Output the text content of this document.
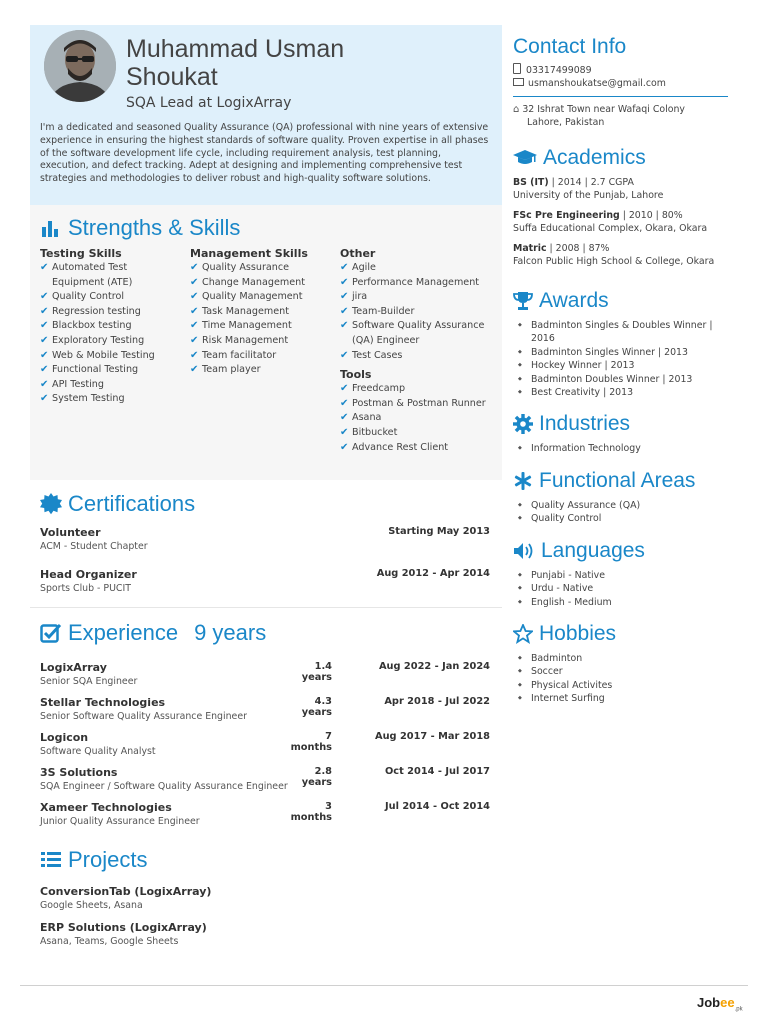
Muhammad Usman Shoukat
SQA Lead at LogixArray
I'm a dedicated and seasoned Quality Assurance (QA) professional with nine years of extensive experience in ensuring the highest standards of software quality. Proven expertise in all phases of the software development life cycle, including requirement analysis, test planning, execution, and defect tracking. Adept at designing and implementing comprehensive test strategies and methodologies to deliver robust and high-quality software solutions.
Strengths & Skills
Testing Skills
✔ Automated Test Equipment (ATE)
✔ Quality Control
✔ Regression testing
✔ Blackbox testing
✔ Exploratory Testing
✔ Web & Mobile Testing
✔ Functional Testing
✔ API Testing
✔ System Testing
Management Skills
✔ Quality Assurance
✔ Change Management
✔ Quality Management
✔ Task Management
✔ Time Management
✔ Risk Management
✔ Team facilitator
✔ Team player
Other
✔ Agile
✔ Performance Management
✔ jira
✔ Team-Builder
✔ Software Quality Assurance (QA) Engineer
✔ Test Cases
Tools
✔ Freedcamp
✔ Postman & Postman Runner
✔ Asana
✔ Bitbucket
✔ Advance Rest Client
Certifications
Volunteer
ACM - Student Chapter
Starting May 2013
Head Organizer
Sports Club - PUCIT
Aug 2012 - Apr 2014
Experience 9 years
LogixArray
Senior SQA Engineer
1.4 years
Aug 2022 - Jan 2024
Stellar Technologies
Senior Software Quality Assurance Engineer
4.3 years
Apr 2018 - Jul 2022
Logicon
Software Quality Analyst
7 months
Aug 2017 - Mar 2018
3S Solutions
SQA Engineer / Software Quality Assurance Engineer
2.8 years
Oct 2014 - Jul 2017
Xameer Technologies
Junior Quality Assurance Engineer
3 months
Jul 2014 - Oct 2014
Projects
ConversionTab (LogixArray)
Google Sheets, Asana
ERP Solutions (LogixArray)
Asana, Teams, Google Sheets
Contact Info
03317499089
usmanshoukatse@gmail.com
⌂ 32 Ishrat Town near Wafaqi Colony
Lahore, Pakistan
Academics
BS (IT) | 2014 | 2.7 CGPA
University of the Punjab, Lahore
FSc Pre Engineering | 2010 | 80%
Suffa Educational Complex, Okara, Okara
Matric | 2008 | 87%
Falcon Public High School & College, Okara
Awards
◆ Badminton Singles & Doubles Winner | 2016
◆ Badminton Singles Winner | 2013
◆ Hockey Winner | 2013
◆ Badminton Doubles Winner | 2013
◆ Best Creativity | 2013
Industries
◆ Information Technology
Functional Areas
◆ Quality Assurance (QA)
◆ Quality Control
Languages
◆ Punjabi - Native
◆ Urdu - Native
◆ English - Medium
Hobbies
◆ Badminton
◆ Soccer
◆ Physical Activites
◆ Internet Surfing
Jobee$_{.pk}$
